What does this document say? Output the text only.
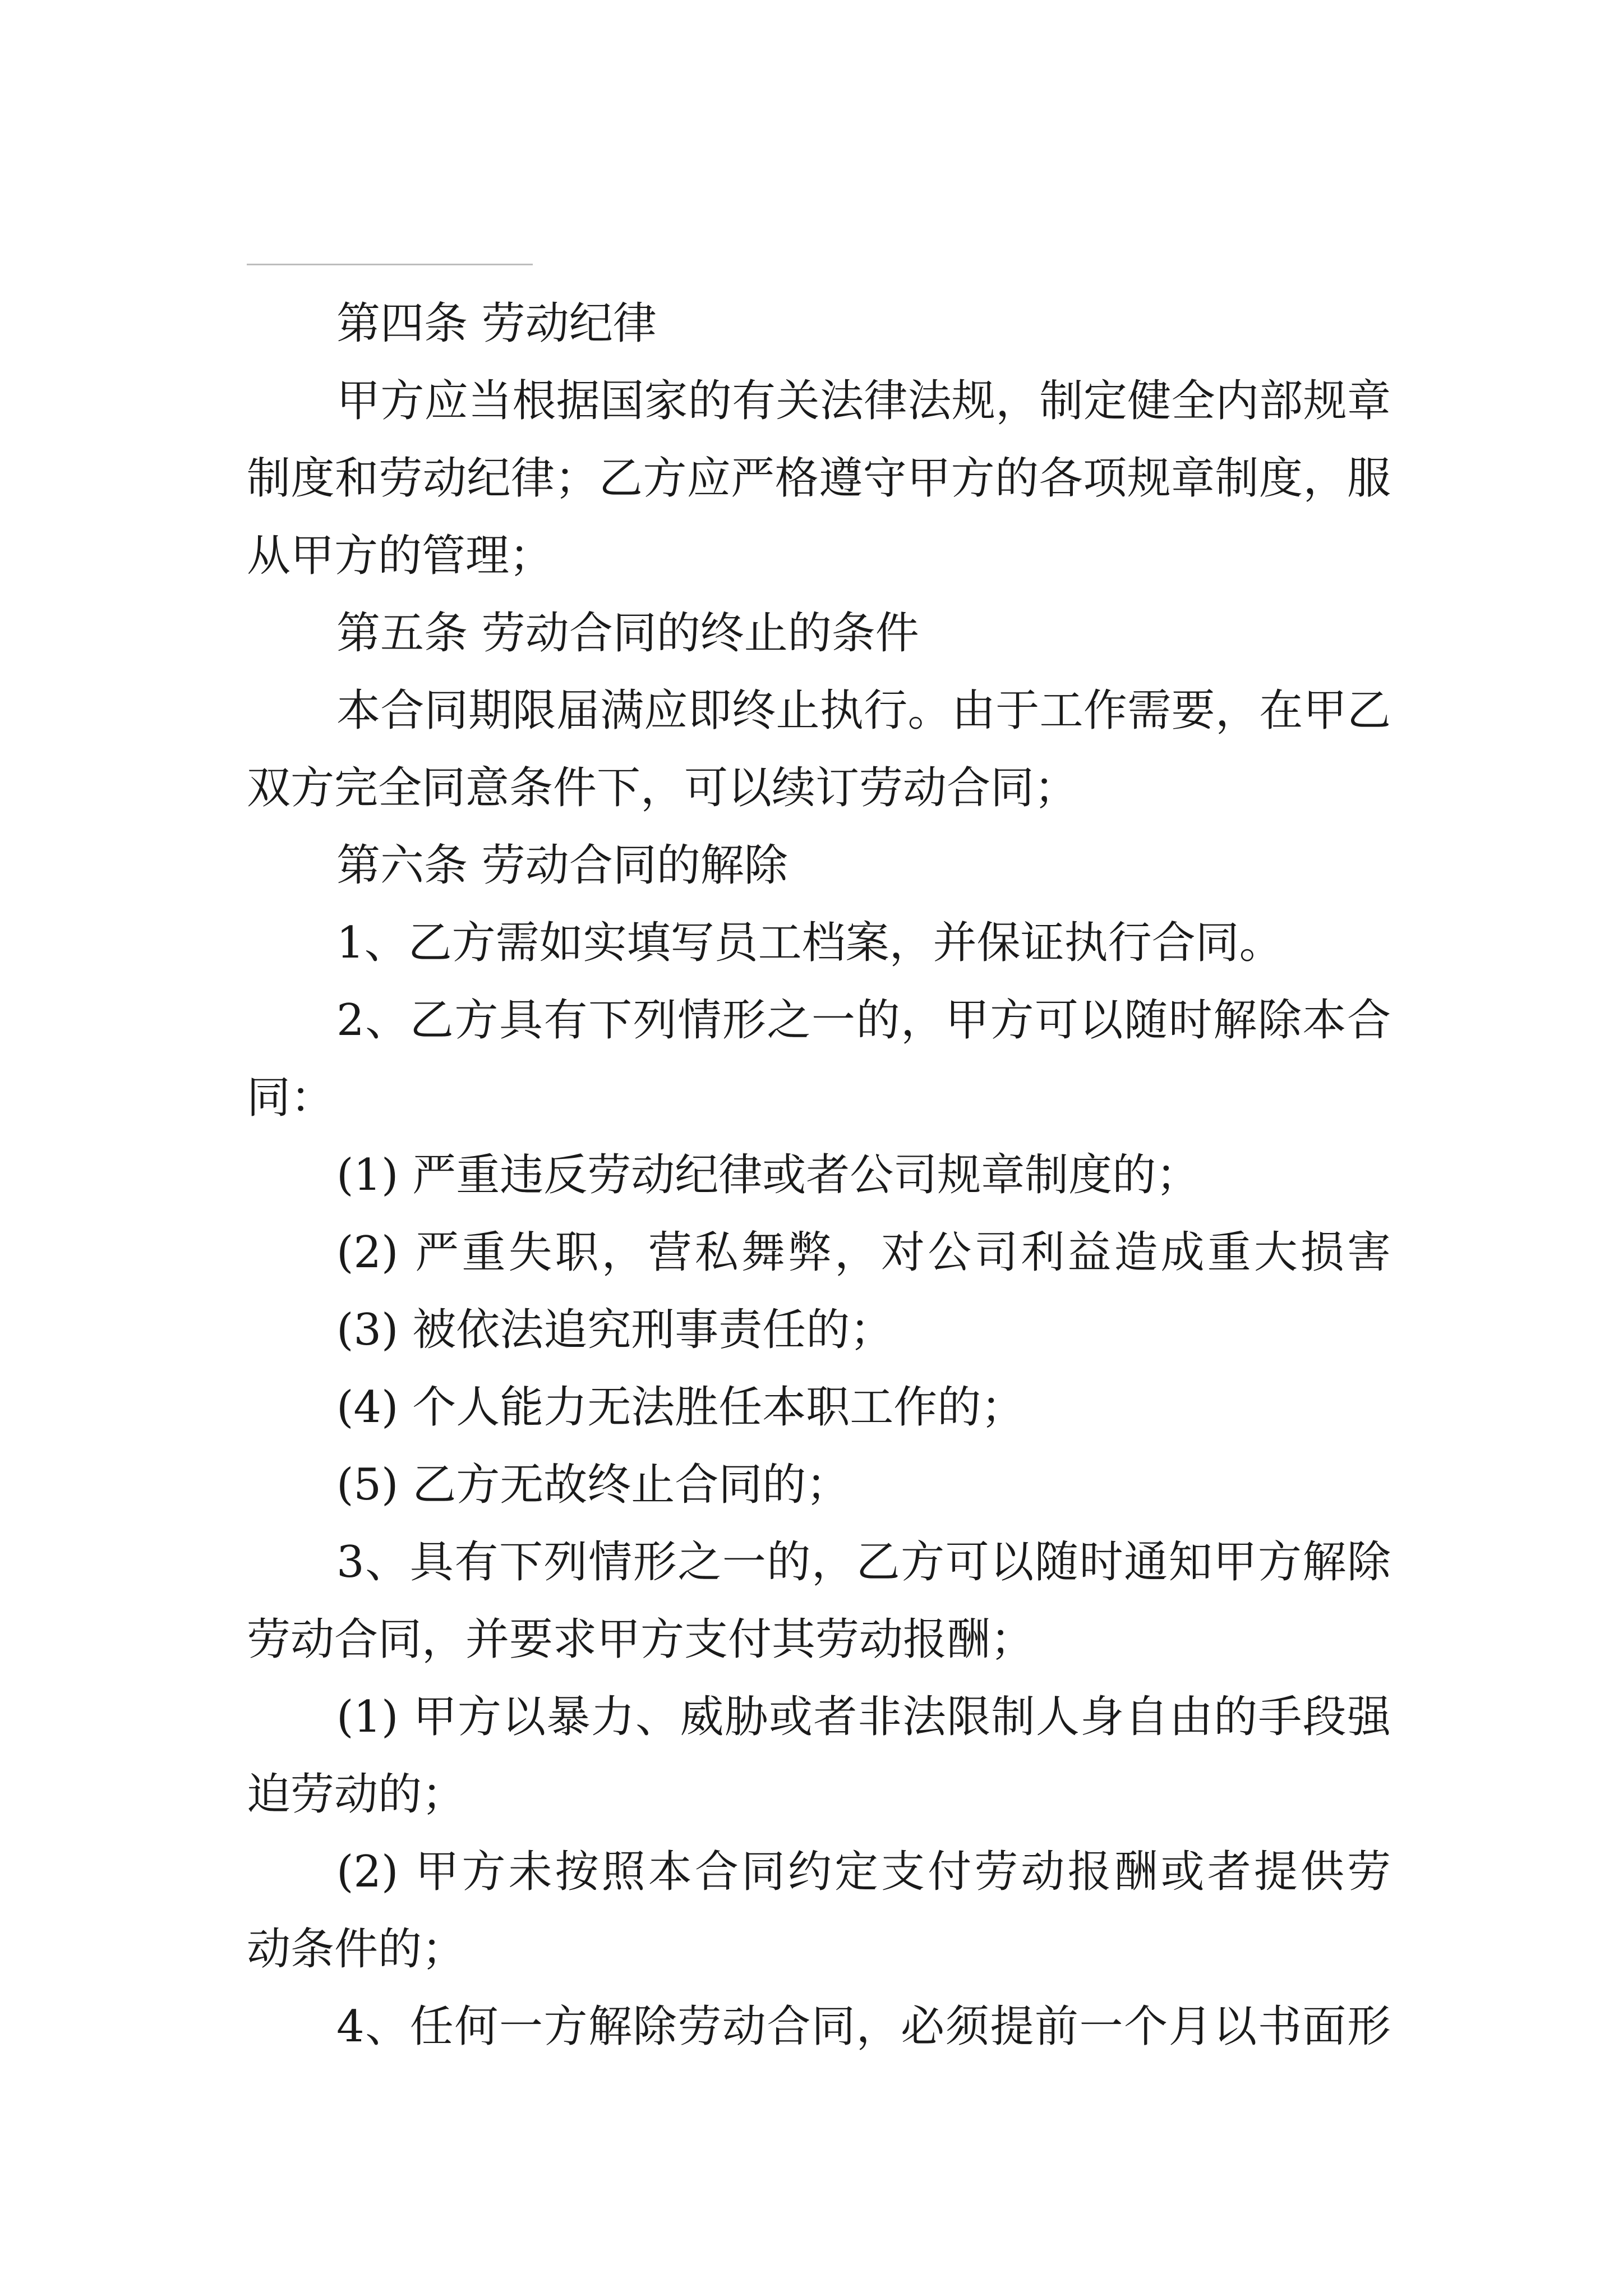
第四条 劳动纪律
甲方应当根据国家的有关法律法规，制定健全内部规章
制度和劳动纪律；乙方应严格遵守甲方的各项规章制度，服
从甲方的管理；
第五条 劳动合同的终止的条件
本合同期限届满应即终止执行。由于工作需要，在甲乙
双方完全同意条件下，可以续订劳动合同；
第六条 劳动合同的解除
1、乙方需如实填写员工档案，并保证执行合同。
2、乙方具有下列情形之一的，甲方可以随时解除本合
同：
(1) 严重违反劳动纪律或者公司规章制度的；
(2) 严重失职，营私舞弊，对公司利益造成重大损害
(3) 被依法追究刑事责任的；
(4) 个人能力无法胜任本职工作的；
(5) 乙方无故终止合同的；
3、具有下列情形之一的，乙方可以随时通知甲方解除
劳动合同，并要求甲方支付其劳动报酬；
(1) 甲方以暴力、威胁或者非法限制人身自由的手段强
迫劳动的；
(2) 甲方未按照本合同约定支付劳动报酬或者提供劳
动条件的；
4、任何一方解除劳动合同，必须提前一个月以书面形
